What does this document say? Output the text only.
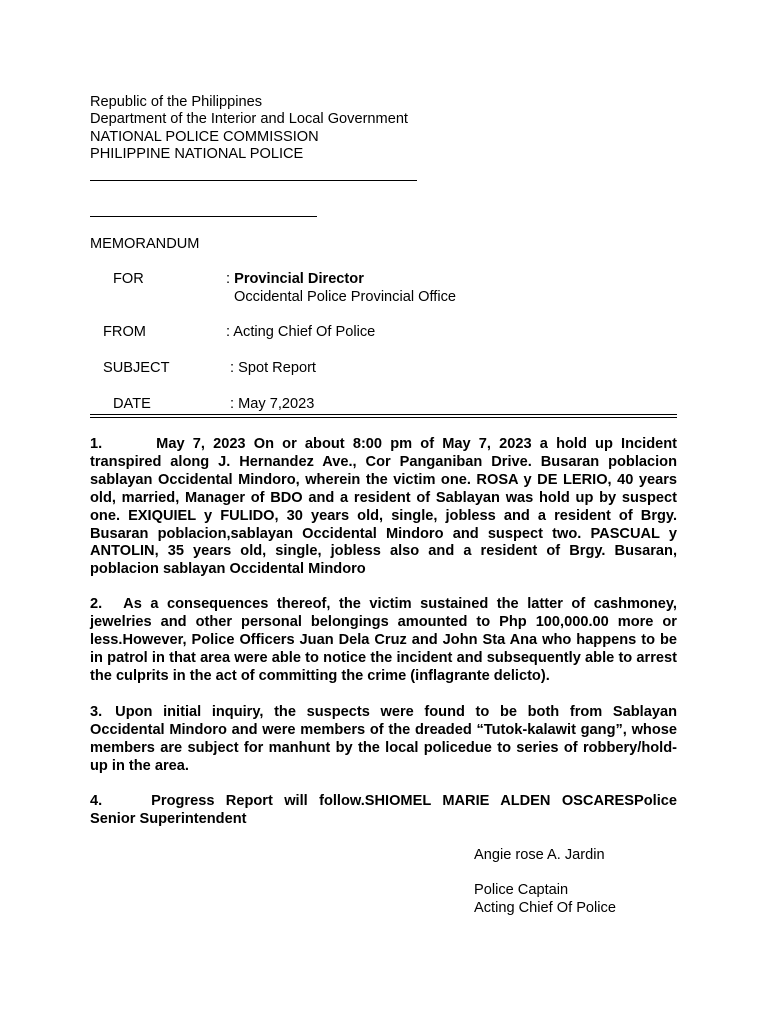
Republic of the Philippines
Department of the Interior and Local Government
NATIONAL POLICE COMMISSION
PHILIPPINE NATIONAL POLICE
MEMORANDUM
FOR	: Provincial Director
Occidental Police Provincial Office
FROM	: Acting Chief Of Police
SUBJECT	: Spot Report
DATE	: May 7,2023
1.	May 7, 2023 On or about 8:00 pm of May 7, 2023 a hold up Incident transpired along J. Hernandez Ave., Cor Panganiban Drive. Busaran poblacion sablayan Occidental Mindoro, wherein the victim one. ROSA y DE LERIO, 40 years old, married, Manager of BDO and a resident of Sablayan was hold up by suspect one. EXIQUIEL y FULIDO, 30 years old, single, jobless and a resident of Brgy. Busaran poblacion,sablayan Occidental Mindoro and suspect two. PASCUAL y ANTOLIN, 35 years old, single, jobless also and a resident of Brgy. Busaran, poblacion sablayan Occidental Mindoro
2. As a consequences thereof, the victim sustained the latter of cashmoney, jewelries and other personal belongings amounted to Php 100,000.00 more or less.However, Police Officers Juan Dela Cruz and John Sta Ana who happens to be in patrol in that area were able to notice the incident and subsequently able to arrest the culprits in the act of committing the crime (inflagrante delicto).
3. Upon initial inquiry, the suspects were found to be both from Sablayan Occidental Mindoro and were members of the dreaded “Tutok-kalawit gang”, whose members are subject for manhunt by the local policedue to series of robbery/hold-up in the area.
4.	Progress Report will follow.SHIOMEL MARIE ALDEN OSCARESPolice Senior Superintendent
Angie rose A. Jardin
Police Captain
Acting Chief Of Police
